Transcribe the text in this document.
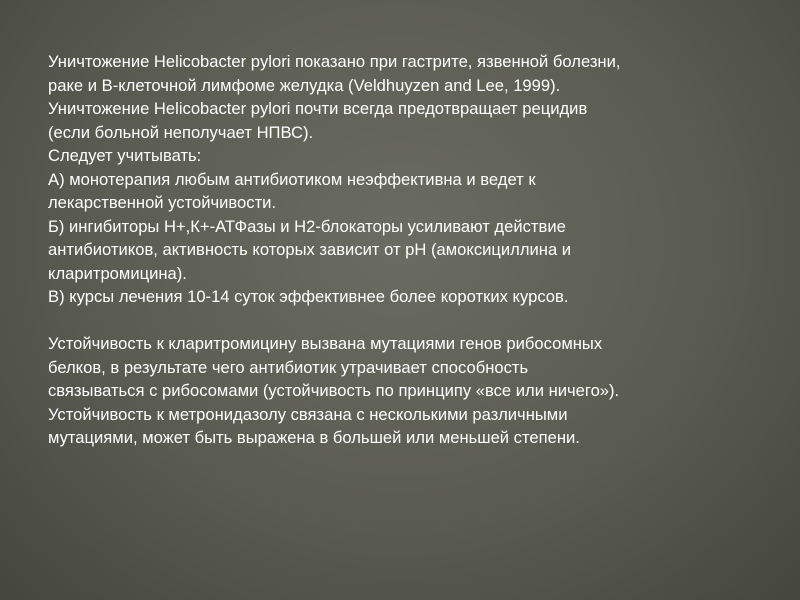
Уничтожение Helicobacter pylori показано при гастрите, язвенной болезни,
раке и В-клеточной лимфоме желудка (Veldhuyzen and Lee, 1999).
Уничтожение Helicobacter pylori почти всегда предотвращает рецидив
(если больной неполучает НПВС).
Следует учитывать:
А) монотерапия любым антибиотиком неэффективна и ведет к
лекарственной устойчивости.
Б) ингибиторы Н+,К+-АТФазы и Н2-блокаторы усиливают действие
антибиотиков, активность которых зависит от рН (амоксициллина и
кларитромицина).
В) курсы лечения 10-14 суток эффективнее более коротких курсов.
Устойчивость к кларитромицину вызвана мутациями генов рибосомных
белков, в результате чего антибиотик утрачивает способность
связываться с рибосомами (устойчивость по принципу «все или ничего»).
Устойчивость к метронидазолу связана с несколькими различными
мутациями, может быть выражена в большей или меньшей степени.
